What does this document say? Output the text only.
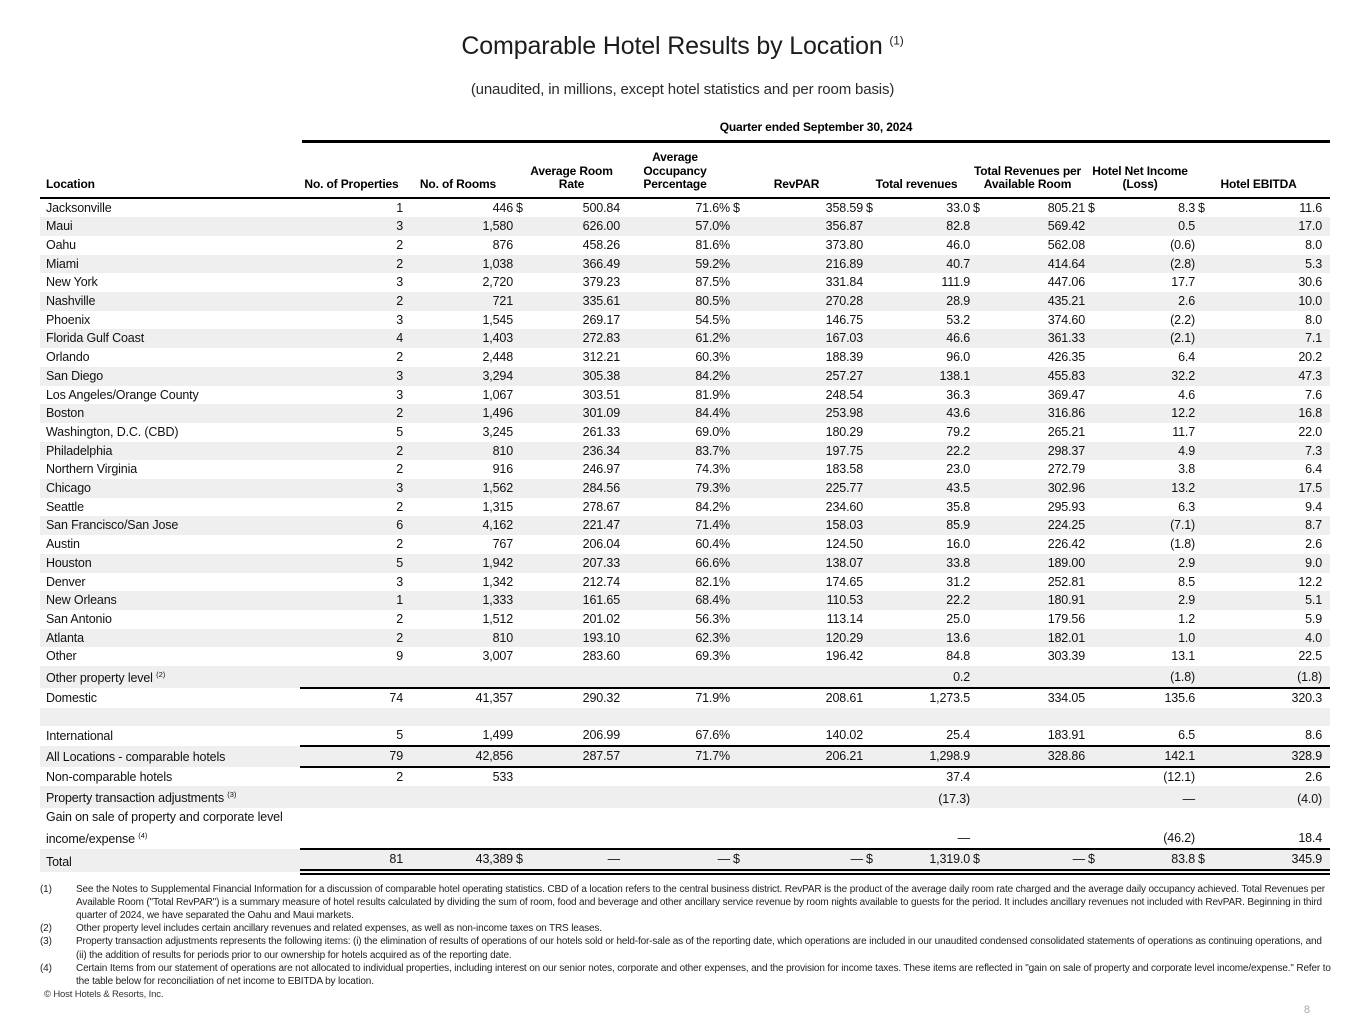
Comparable Hotel Results by Location $^{(1)}$
(unaudited, in millions, except hotel statistics and per room basis)
Quarter ended September 30, 2024
Location	No. of Properties	No. of Rooms	Average Room Rate		Average Occupancy Percentage	RevPAR		Total revenues		Total Revenues per Available Room		Hotel Net Income (Loss)		Hotel EBITDA	
Jacksonville	1	446	$	500.84	71.6%	$	358.59	$	33.0	$	805.21	$	8.3	$	11.6
Maui	3	1,580		626.00	57.0%		356.87		82.8		569.42		0.5		17.0
Oahu	2	876		458.26	81.6%		373.80		46.0		562.08		(0.6)		8.0
Miami	2	1,038		366.49	59.2%		216.89		40.7		414.64		(2.8)		5.3
New York	3	2,720		379.23	87.5%		331.84		111.9		447.06		17.7		30.6
Nashville	2	721		335.61	80.5%		270.28		28.9		435.21		2.6		10.0
Phoenix	3	1,545		269.17	54.5%		146.75		53.2		374.60		(2.2)		8.0
Florida Gulf Coast	4	1,403		272.83	61.2%		167.03		46.6		361.33		(2.1)		7.1
Orlando	2	2,448		312.21	60.3%		188.39		96.0		426.35		6.4		20.2
San Diego	3	3,294		305.38	84.2%		257.27		138.1		455.83		32.2		47.3
Los Angeles/Orange County	3	1,067		303.51	81.9%		248.54		36.3		369.47		4.6		7.6
Boston	2	1,496		301.09	84.4%		253.98		43.6		316.86		12.2		16.8
Washington, D.C. (CBD)	5	3,245		261.33	69.0%		180.29		79.2		265.21		11.7		22.0
Philadelphia	2	810		236.34	83.7%		197.75		22.2		298.37		4.9		7.3
Northern Virginia	2	916		246.97	74.3%		183.58		23.0		272.79		3.8		6.4
Chicago	3	1,562		284.56	79.3%		225.77		43.5		302.96		13.2		17.5
Seattle	2	1,315		278.67	84.2%		234.60		35.8		295.93		6.3		9.4
San Francisco/San Jose	6	4,162		221.47	71.4%		158.03		85.9		224.25		(7.1)		8.7
Austin	2	767		206.04	60.4%		124.50		16.0		226.42		(1.8)		2.6
Houston	5	1,942		207.33	66.6%		138.07		33.8		189.00		2.9		9.0
Denver	3	1,342		212.74	82.1%		174.65		31.2		252.81		8.5		12.2
New Orleans	1	1,333		161.65	68.4%		110.53		22.2		180.91		2.9		5.1
San Antonio	2	1,512		201.02	56.3%		113.14		25.0		179.56		1.2		5.9
Atlanta	2	810		193.10	62.3%		120.29		13.6		182.01		1.0		4.0
Other	9	3,007		283.60	69.3%		196.42		84.8		303.39		13.1		22.5
Other property level $^{(2)}$									0.2				(1.8)		(1.8)
Domestic	74	41,357		290.32	71.9%		208.61		1,273.5		334.05		135.6		320.3

International	5	1,499		206.99	67.6%		140.02		25.4		183.91		6.5		8.6
All Locations - comparable hotels	79	42,856		287.57	71.7%		206.21		1,298.9		328.86		142.1		328.9
Non-comparable hotels	2	533							37.4				(12.1)		2.6
Property transaction adjustments $^{(3)}$									(17.3)				—		(4.0)
Gain on sale of property and corporate level income/expense $^{(4)}$									—				(46.2)		18.4
Total	81	43,389	$	—	—	$	—	$	1,319.0	$	—	$	83.8	$	345.9
(1)	See the Notes to Supplemental Financial Information for a discussion of comparable hotel operating statistics. CBD of a location refers to the central business district. RevPAR is the product of the average daily room rate charged and the average daily occupancy achieved. Total Revenues per Available Room ("Total RevPAR") is a summary measure of hotel results calculated by dividing the sum of room, food and beverage and other ancillary service revenue by room nights available to guests for the period. It includes ancillary revenues not included with RevPAR. Beginning in third quarter of 2024, we have separated the Oahu and Maui markets.
(2)	Other property level includes certain ancillary revenues and related expenses, as well as non-income taxes on TRS leases.
(3)	Property transaction adjustments represents the following items: (i) the elimination of results of operations of our hotels sold or held-for-sale as of the reporting date, which operations are included in our unaudited condensed consolidated statements of operations as continuing operations, and (ii) the addition of results for periods prior to our ownership for hotels acquired as of the reporting date.
(4)	Certain Items from our statement of operations are not allocated to individual properties, including interest on our senior notes, corporate and other expenses, and the provision for income taxes. These items are reflected in "gain on sale of property and corporate level income/expense." Refer to the table below for reconciliation of net income to EBITDA by location.
© Host Hotels & Resorts, Inc.
8
